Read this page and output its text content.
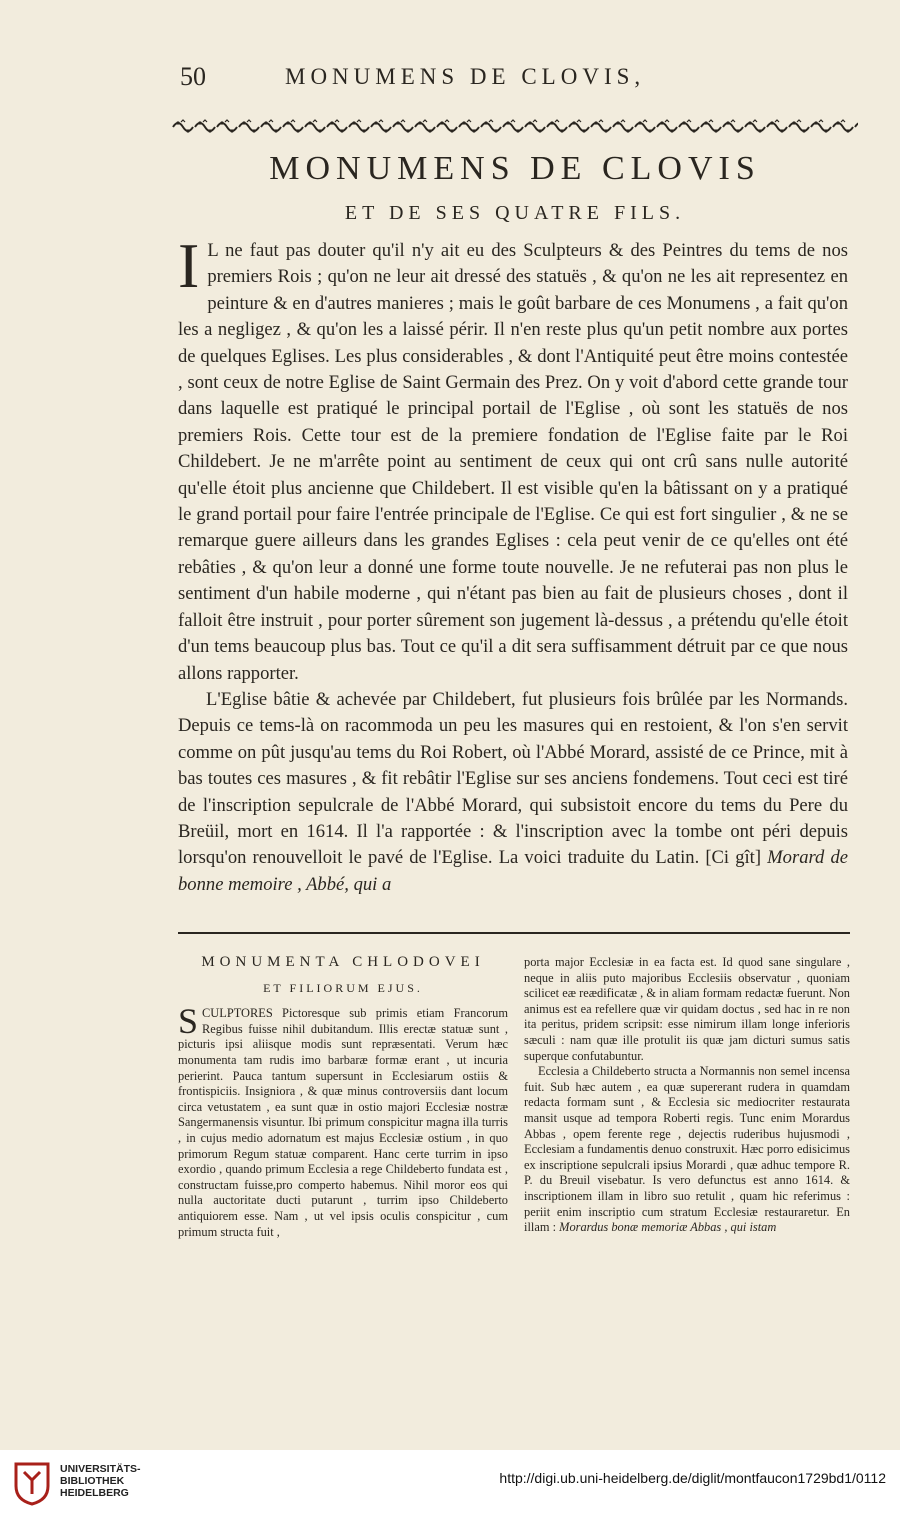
50	MONUMENS DE CLOVIS,
MONUMENS DE CLOVIS
ET DE SES QUATRE FILS.

I L ne faut pas douter qu'il n'y ait eu des Sculpteurs & des Peintres du tems de nos premiers Rois ; qu'on ne leur ait dressé des statuës , & qu'on ne les ait representez en peinture & en d'autres manieres ; mais le goût barbare de ces Monumens , a fait qu'on les a negligez , & qu'on les a laissé périr. Il n'en reste plus qu'un petit nombre aux portes de quelques Eglises. Les plus considerables , & dont l'Antiquité peut être moins contestée , sont ceux de notre Eglise de Saint Germain des Prez. On y voit d'abord cette grande tour dans laquelle est pratiqué le principal portail de l'Eglise , où sont les statuës de nos premiers Rois. Cette tour est de la premiere fondation de l'Eglise faite par le Roi Childebert. Je ne m'arrête point au sentiment de ceux qui ont crû sans nulle autorité qu'elle étoit plus ancienne que Childebert. Il est visible qu'en la bâtissant on y a pratiqué le grand portail pour faire l'entrée principale de l'Eglise. Ce qui est fort singulier , & ne se remarque guere ailleurs dans les grandes Eglises : cela peut venir de ce qu'elles ont été rebâties , & qu'on leur a donné une forme toute nouvelle. Je ne refuterai pas non plus le sentiment d'un habile moderne , qui n'étant pas bien au fait de plusieurs choses , dont il falloit être instruit , pour porter sûrement son jugement là-dessus , a prétendu qu'elle étoit d'un tems beaucoup plus bas. Tout ce qu'il a dit sera suffisamment détruit par ce que nous allons rapporter.

L'Eglise bâtie & achevée par Childebert, fut plusieurs fois brûlée par les Normands. Depuis ce tems-là on racommoda un peu les masures qui en restoient, & l'on s'en servit comme on pût jusqu'au tems du Roi Robert, où l'Abbé Morard, assisté de ce Prince, mit à bas toutes ces masures , & fit rebâtir l'Eglise sur ses anciens fondemens. Tout ceci est tiré de l'inscription sepulcrale de l'Abbé Morard, qui subsistoit encore du tems du Pere du Breüil, mort en 1614. Il l'a rapportée : & l'inscription avec la tombe ont péri depuis lorsqu'on renouvelloit le pavé de l'Eglise. La voici traduite du Latin. [Ci gît] Morard de bonne memoire , Abbé, qui a

MONUMENTA CHLODOVEI
ET FILIORUM EJUS.

SCULPTORES Pictoresque sub primis etiam Francorum Regibus fuisse nihil dubitandum. Illis erectæ statuæ sunt , picturis ipsi aliisque modis sunt repræsentati. Verum hæc monumenta tam rudis imo barbaræ formæ erant , ut incuria perierint. Pauca tantum supersunt in Ecclesiarum ostiis & frontispiciis. Insigniora , & quæ minus controversiis dant locum circa vetustatem , ea sunt quæ in ostio majori Ecclesiæ nostræ Sangermanensis visuntur. Ibi primum conspicitur magna illa turris , in cujus medio adornatum est majus Ecclesiæ ostium , in quo primorum Regum statuæ comparent. Hanc certe turrim in ipso exordio , quando primum Ecclesia a rege Childeberto fundata est , constructam fuisse,pro comperto habemus. Nihil moror eos qui nulla auctoritate ducti putarunt , turrim ipso Childeberto antiquiorem esse. Nam , ut vel ipsis oculis conspicitur , cum primum structa fuit ,

porta major Ecclesiæ in ea facta est. Id quod sane singulare , neque in aliis puto majoribus Ecclesiis observatur , quoniam scilicet eæ reædificatæ , & in aliam formam redactæ fuerunt. Non animus est ea refellere quæ vir quidam doctus , sed hac in re non ita peritus, pridem scripsit: esse nimirum illam longe inferioris sæculi : nam quæ ille protulit iis quæ jam dicturi sumus satis superque confutabuntur.

Ecclesia a Childeberto structa a Normannis non semel incensa fuit. Sub hæc autem , ea quæ supererant rudera in quamdam redacta formam sunt , & Ecclesia sic mediocriter restaurata mansit usque ad tempora Roberti regis. Tunc enim Morardus Abbas , opem ferente rege , dejectis ruderibus hujusmodi , Ecclesiam a fundamentis denuo construxit. Hæc porro edisicimus ex inscriptione sepulcrali ipsius Morardi , quæ adhuc tempore R. P. du Breuil visebatur. Is vero defunctus est anno 1614. & inscriptionem illam in libro suo retulit , quam hic referimus : periit enim inscriptio cum stratum Ecclesiæ restauraretur. En illam : Morardus bonæ memoriæ Abbas , qui istam

UNIVERSITÄTS-
BIBLIOTHEK
HEIDELBERG
http://digi.ub.uni-heidelberg.de/diglit/montfaucon1729bd1/0112
